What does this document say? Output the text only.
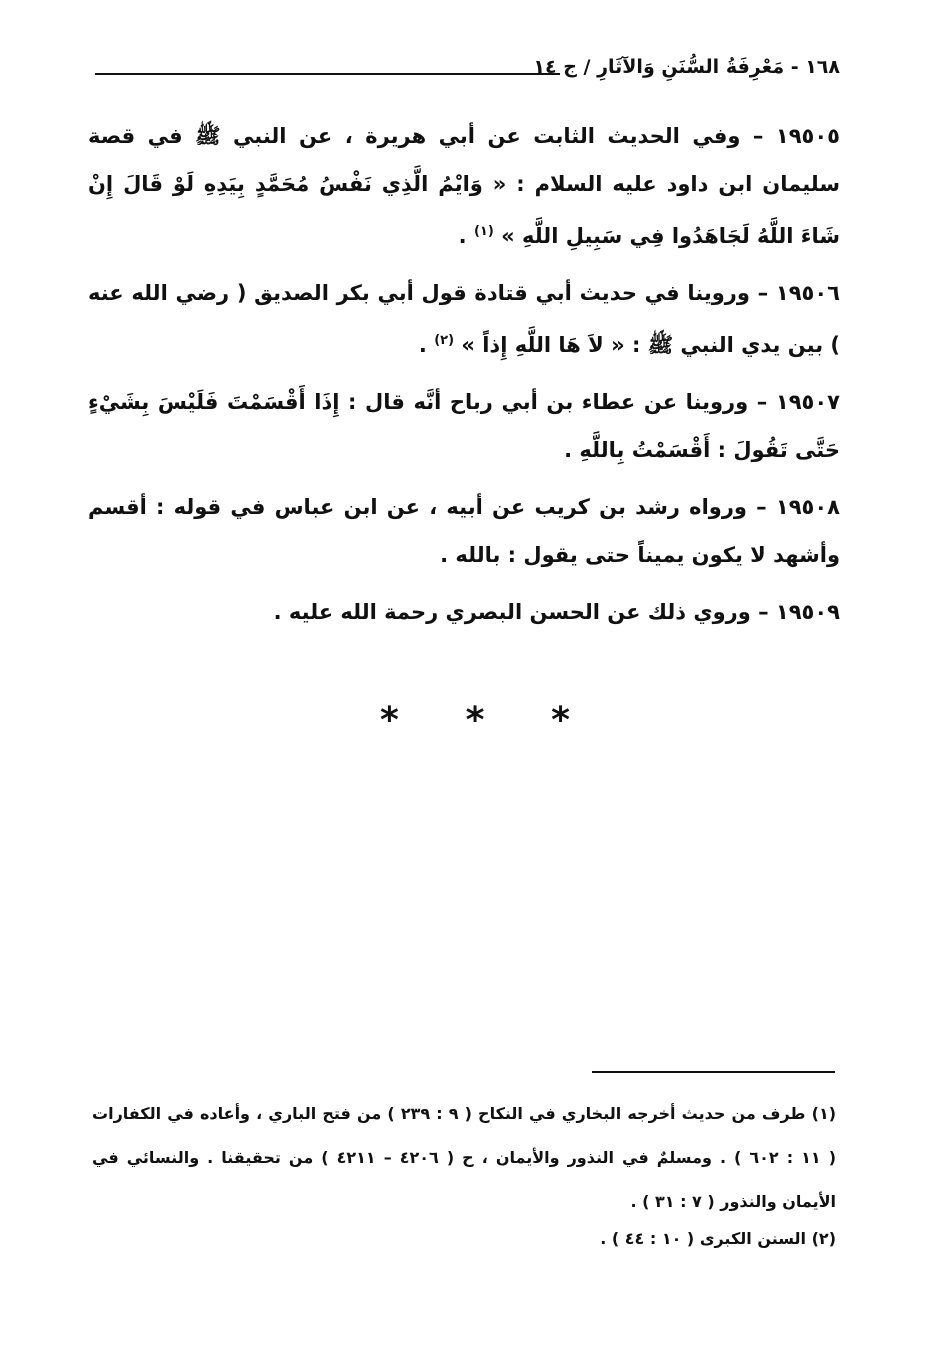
١٦٨ - مَعْرِفَةُ السُّنَنِ وَالآثَارِ / ج ١٤

١٩٥٠٥ – وفي الحديث الثابت عن أبي هريرة ، عن النبي ﷺ في قصة سليمان ابن داود عليه السلام : « وَايْمُ الَّذِي نَفْسُ مُحَمَّدٍ بِيَدِهِ لَوْ قَالَ إِنْ شَاءَ اللَّهُ لَجَاهَدُوا فِي سَبِيلِ اللَّهِ » $^{(١)}$ .

١٩٥٠٦ – وروينا في حديث أبي قتادة قول أبي بكر الصديق ( رضي الله عنه ) بين يدي النبي ﷺ : « لاَ هَا اللَّهِ إِذاً » $^{(٢)}$ .

١٩٥٠٧ – وروينا عن عطاء بن أبي رباح أنَّه قال : إِذَا أَقْسَمْتَ فَلَيْسَ بِشَيْءٍ حَتَّى تَقُولَ : أَقْسَمْتُ بِاللَّهِ .

١٩٥٠٨ – ورواه رشد بن كريب عن أبيه ، عن ابن عباس في قوله : أقسم وأشهد لا يكون يميناً حتى يقول : بالله .

١٩٥٠٩ – وروي ذلك عن الحسن البصري رحمة الله عليه .

*
*
*

(١) طرف من حديث أخرجه البخاري في النكاح ( ٩ : ٢٣٩ ) من فتح الباري ، وأعاده في الكفارات ( ١١ : ٦٠٢ ) . ومسلمٌ في النذور والأيمان ، ح ( ٤٢٠٦ – ٤٢١١ ) من تحقيقنا . والنسائي في الأيمان والنذور ( ٧ : ٣١ ) .

(٢) السنن الكبرى ( ١٠ : ٤٤ ) .
